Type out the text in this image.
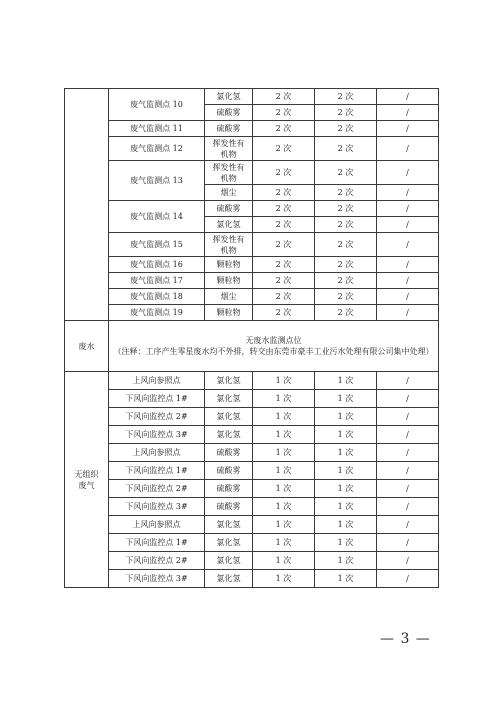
	废气监测点 10	氯化氢	2 次	2 次	/
		硫酸雾	2 次	2 次	/
	废气监测点 11	硫酸雾	2 次	2 次	/
	废气监测点 12	挥发性有机物	2 次	2 次	/
	废气监测点 13	挥发性有机物	2 次	2 次	/
		烟尘	2 次	2 次	/
	废气监测点 14	硫酸雾	2 次	2 次	/
		氯化氢	2 次	2 次	/
	废气监测点 15	挥发性有机物	2 次	2 次	/
	废气监测点 16	颗粒物	2 次	2 次	/
	废气监测点 17	颗粒物	2 次	2 次	/
	废气监测点 18	烟尘	2 次	2 次	/
	废气监测点 19	颗粒物	2 次	2 次	/
废水	无废水监测点位
（注释：工序产生零星废水均不外排，转交由东莞市豪丰工业污水处理有限公司集中处理）				

无组织废气	上风向参照点	氯化氢	1 次	1 次	/
	下风向监控点 1#	氯化氢	1 次	1 次	/
	下风向监控点 2#	氯化氢	1 次	1 次	/
	下风向监控点 3#	氯化氢	1 次	1 次	/
	上风向参照点	硫酸雾	1 次	1 次	/
	下风向监控点 1#	硫酸雾	1 次	1 次	/
	下风向监控点 2#	硫酸雾	1 次	1 次	/
	下风向监控点 3#	硫酸雾	1 次	1 次	/
	上风向参照点	氯化氢	1 次	1 次	/
	下风向监控点 1#	氯化氢	1 次	1 次	/
	下风向监控点 2#	氯化氢	1 次	1 次	/
	下风向监控点 3#	氯化氢	1 次	1 次	/
— 3 —
